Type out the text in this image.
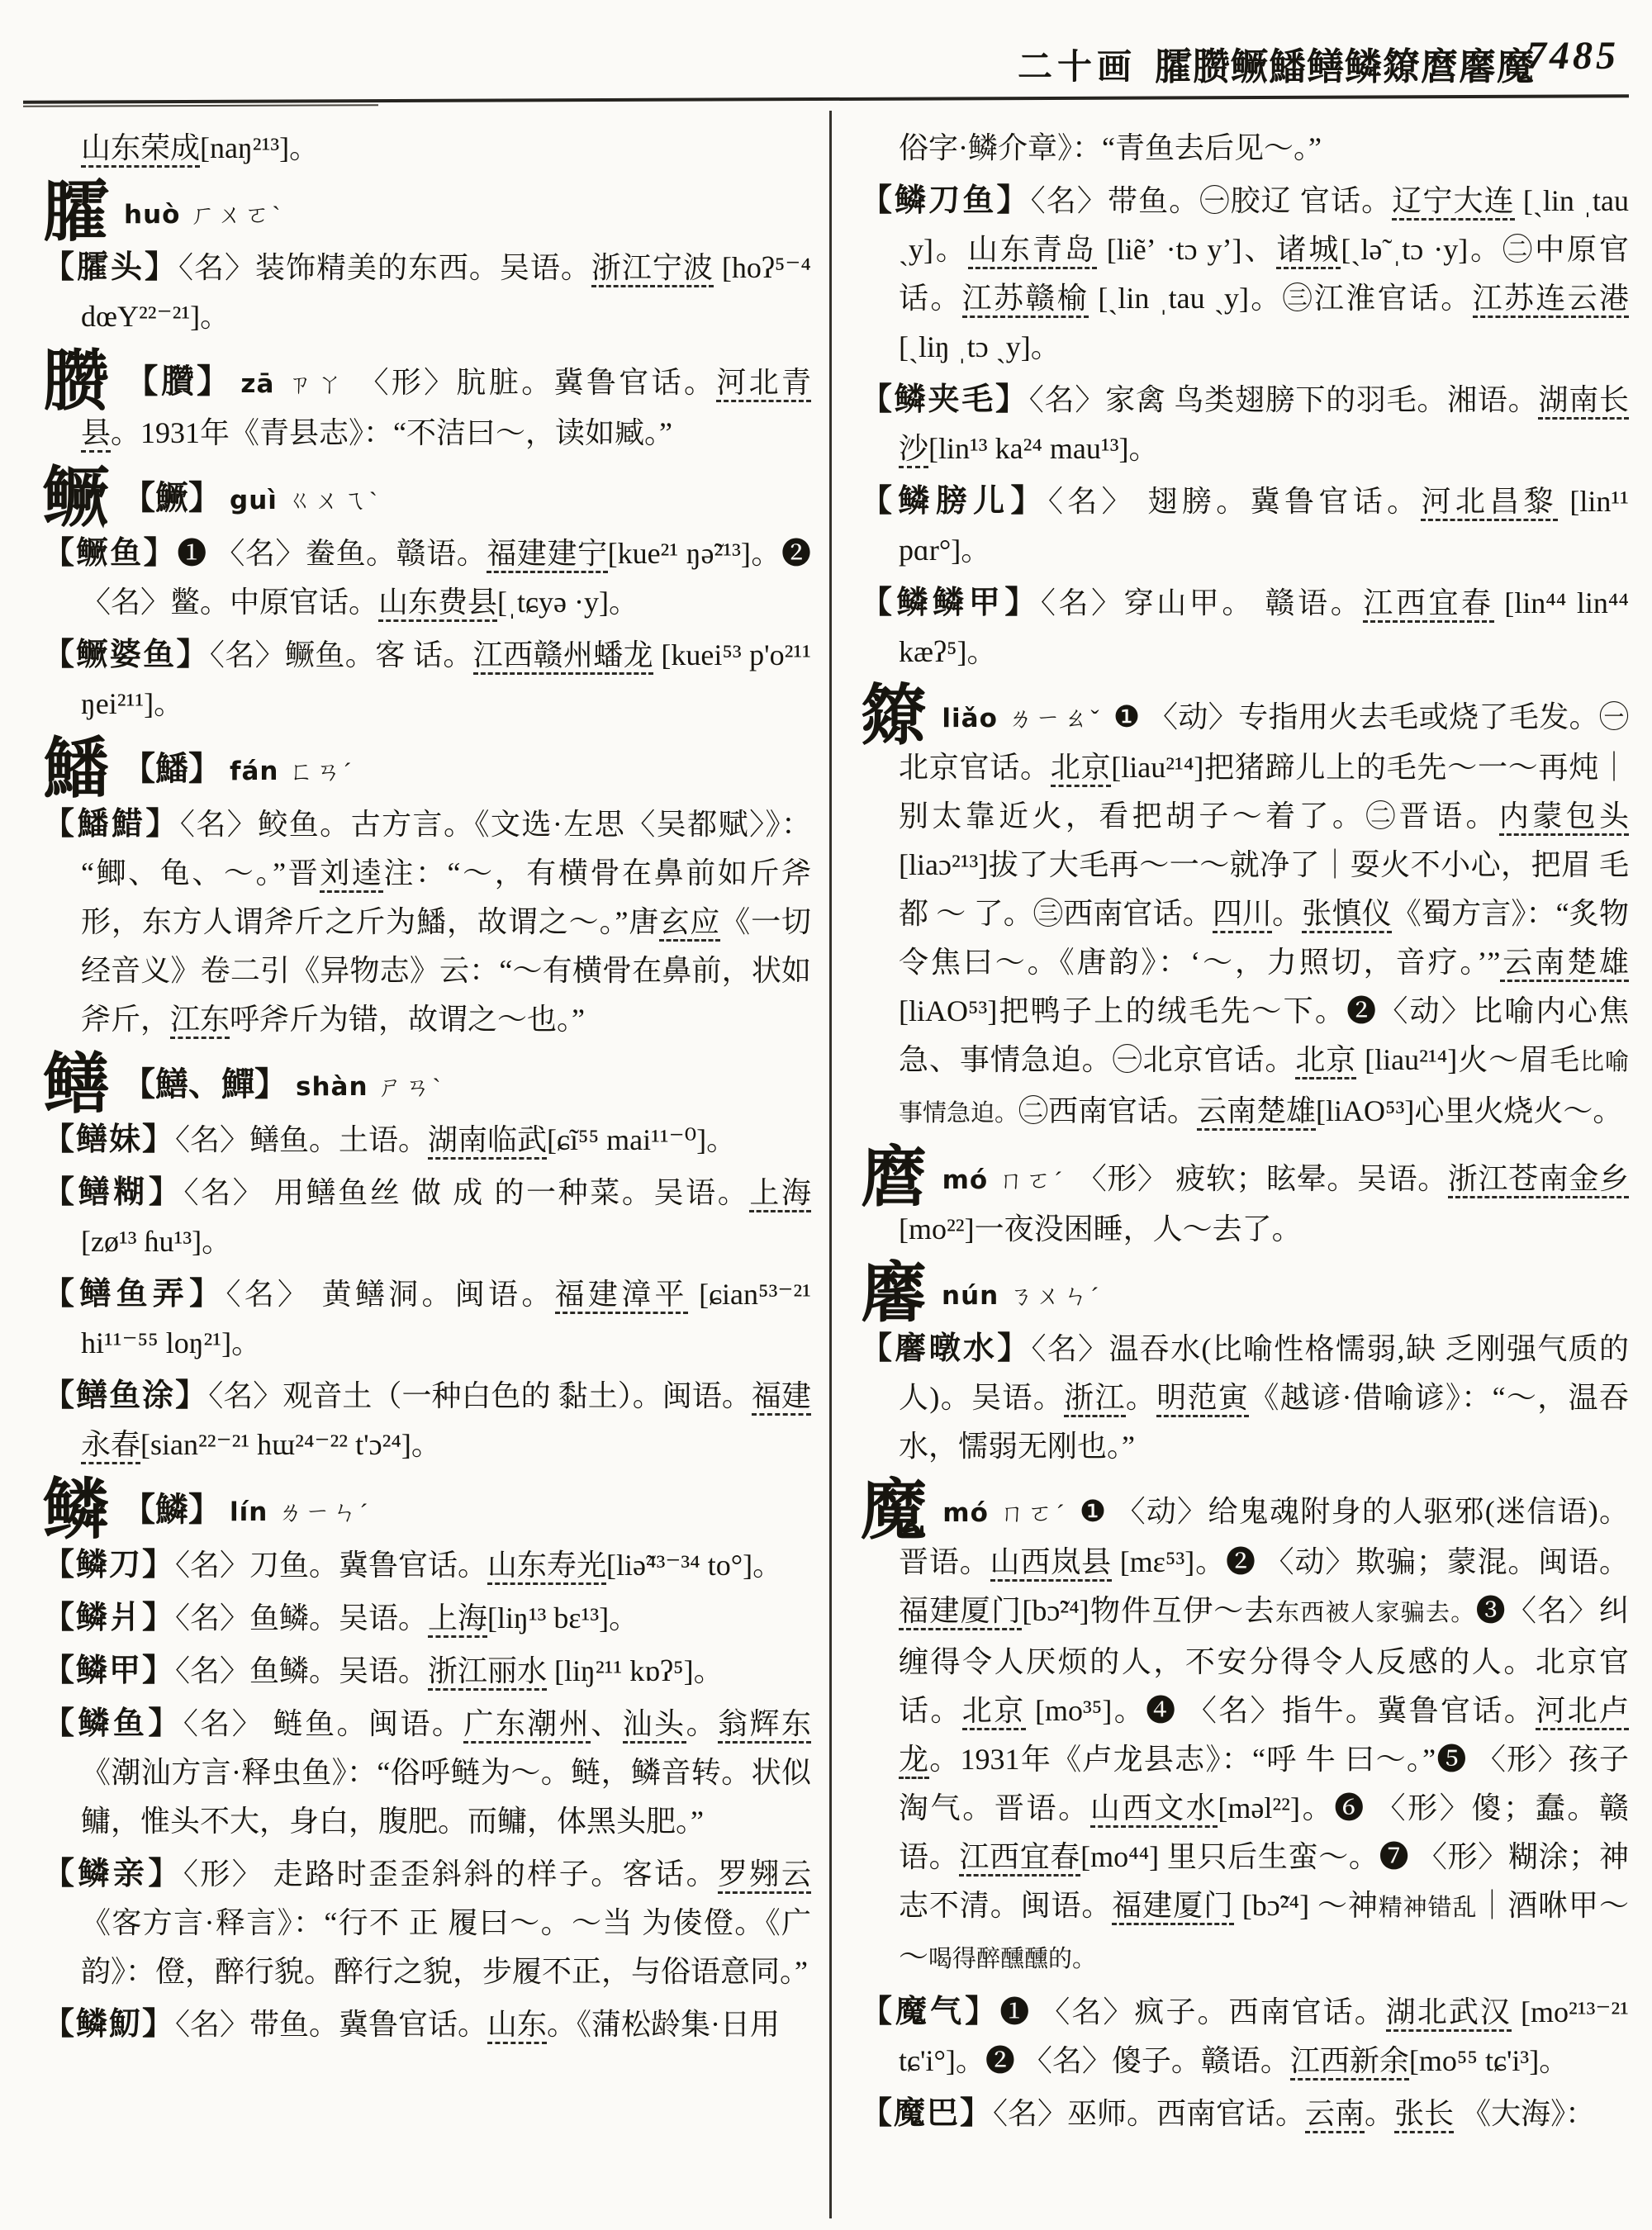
二十画 臛臜鳜鱕鳝鳞爒麿黁魔
7485
山东荣成[naŋ²¹³]。
臛huò ㄏㄨㄛˋ
【臛头】〈名〉装饰精美的东西。吴语。浙江宁波 [hoʔ⁵⁻⁴ dœY²²⁻²¹]。
臜 【臢】 zā ㄗㄚ 〈形〉肮脏。冀鲁官话。河北青县。1931年《青县志》：“不洁曰～，读如臧。”
鳜 【鱖】 guì ㄍㄨㄟˋ
【鳜鱼】❶ 〈名〉鲞鱼。赣语。福建建宁[kue²¹ ŋə̃²¹³]。❷ 〈名〉鳖。中原官话。山东费县[ˌtɕyə ·y]。
【鳜婆鱼】〈名〉鳜鱼。客 话。江西赣州蟠龙 [kuei⁵³ p'o²¹¹ ŋei²¹¹]。
鱕 【鱕】 fán ㄈㄢˊ
【鱕䱜】〈名〉鲛鱼。古方言。《文选·左思〈吴都赋〉》：“鲫、龟、～。”晋刘逵注：“～，有横骨在鼻前如斤斧形，东方人谓斧斤之斤为鱕，故谓之～。”唐玄应《一切经音义》卷二引《异物志》云：“～有横骨在鼻前，状如斧斤，江东呼斧斤为错，故谓之～也。”
鳝 【鱔、鱓】 shàn ㄕㄢˋ
【鳝妹】〈名〉鳝鱼。土语。湖南临武[ɕĩ⁵⁵ mai¹¹⁻⁰]。
【鳝糊】〈名〉 用鳝鱼丝 做 成 的一种菜。吴语。上海 [zø¹³ ɦu¹³]。
【鳝鱼弄】〈名〉 黄鳝洞。闽语。福建漳平 [ɕian⁵³⁻²¹ hi¹¹⁻⁵⁵ loŋ²¹]。
【鳝鱼涂】〈名〉观音土（一种白色的 黏土）。闽语。福建永春[sian²²⁻²¹ hɯ²⁴⁻²² t'ɔ²⁴]。
鳞 【鱗】 lín ㄌㄧㄣˊ
【鳞刀】〈名〉刀鱼。冀鲁官话。山东寿光[liə̃⁴³⁻³⁴ to°]。
【鳞爿】〈名〉鱼鳞。吴语。上海[liŋ¹³ bɛ¹³]。
【鳞甲】〈名〉鱼鳞。吴语。浙江丽水 [liŋ²¹¹ kɒʔ⁵]。
【鳞鱼】〈名〉 鲢鱼。闽语。广东潮州、汕头。翁辉东《潮汕方言·释虫鱼》：“俗呼鲢为～。鲢，鳞音转。状似鳙，惟头不大，身白，腹肥。而鳙，体黑头肥。”
【鳞亲】〈形〉 走路时歪歪斜斜的样子。客话。罗翙云《客方言·释言》：“行不 正 履曰～。～当 为倰僜。《广韵》：僜，醉行貌。醉行之貌，步履不正，与俗语意同。”
【鳞魛】〈名〉带鱼。冀鲁官话。山东。《蒲松龄集·日用
俗字·鳞介章》：“青鱼去后见～。”
【鳞刀鱼】〈名〉带鱼。㊀胶辽 官话。辽宁大连 [ˏlin ˌtau ˏy]。山东青岛 [liẽʼ ·tɔ yʼ]、诸城[ˏlə̃ ˌtɔ ·y]。㊁中原官话。江苏赣榆 [ˏlin ˌtau ˏy]。㊂江淮官话。江苏连云港[ˏliŋ ˌtɔ ˏy]。
【鳞夹毛】〈名〉家禽 鸟类翅膀下的羽毛。湘语。湖南长沙[lin¹³ ka²⁴ mau¹³]。
【鳞膀儿】〈名〉 翅膀。冀鲁官话。河北昌黎 [lin¹¹ pɑr°]。
【鳞鳞甲】〈名〉穿山甲。 赣语。江西宜春 [lin⁴⁴ lin⁴⁴ kæʔ⁵]。
爒liǎo ㄌㄧㄠˇ ❶ 〈动〉专指用火去毛或烧了毛发。㊀北京官话。北京[liau²¹⁴]把猪蹄儿上的毛先～一～再炖｜别太靠近火，看把胡子～着了。㊁晋语。内蒙包头[liaɔ²¹³]拔了大毛再～一～就净了｜耍火不小心，把眉 毛 都 ～ 了。㊂西南官话。四川。张慎仪《蜀方言》：“炙物令焦曰～。《唐韵》：‘～，力照切，音疗。’”云南楚雄[liAO⁵³]把鸭子上的绒毛先～下。❷〈动〉比喻内心焦急、事情急迫。㊀北京官话。北京 [liau²¹⁴]火～眉毛比喻事情急迫。㊁西南官话。云南楚雄[liAO⁵³]心里火烧火～。
麿mó ㄇㄛˊ 〈形〉 疲软；眩晕。吴语。浙江苍南金乡[mo²²]一夜没困睡，人～去了。
黁nún ㄋㄨㄣˊ
【黁暾水】〈名〉温吞水(比喻性格懦弱,缺 乏刚强气质的人)。吴语。浙江。明范寅《越谚·借喻谚》：“～，温吞水，懦弱无刚也。”
魔mó ㄇㄛˊ ❶ 〈动〉给鬼魂附身的人驱邪(迷信语)。晋语。山西岚县 [mɛ⁵³]。❷ 〈动〉欺骗；蒙混。闽语。福建厦门[bɔ̃²⁴]物件互伊～去东西被人家骗去。❸〈名〉纠缠得令人厌烦的人，不安分得令人反感的人。北京官话。北京 [mo³⁵]。❹ 〈名〉指牛。冀鲁官话。河北卢龙。1931年《卢龙县志》：“呼 牛 曰～。”❺ 〈形〉孩子淘气。晋语。山西文水[məl²²]。❻ 〈形〉傻；蠢。赣语。江西宜春[mo⁴⁴] 里只后生蛮～。❼ 〈形〉糊涂；神志不清。闽语。福建厦门 [bɔ̃²⁴] ～神精神错乱｜酒咻甲～～喝得醉醺醺的。
【魔气】❶ 〈名〉疯子。西南官话。湖北武汉 [mo²¹³⁻²¹ tɕ'i°]。❷ 〈名〉傻子。赣语。江西新余[mo⁵⁵ tɕ'i³]。
【魔巴】〈名〉巫师。西南官话。云南。张长 《大海》：
